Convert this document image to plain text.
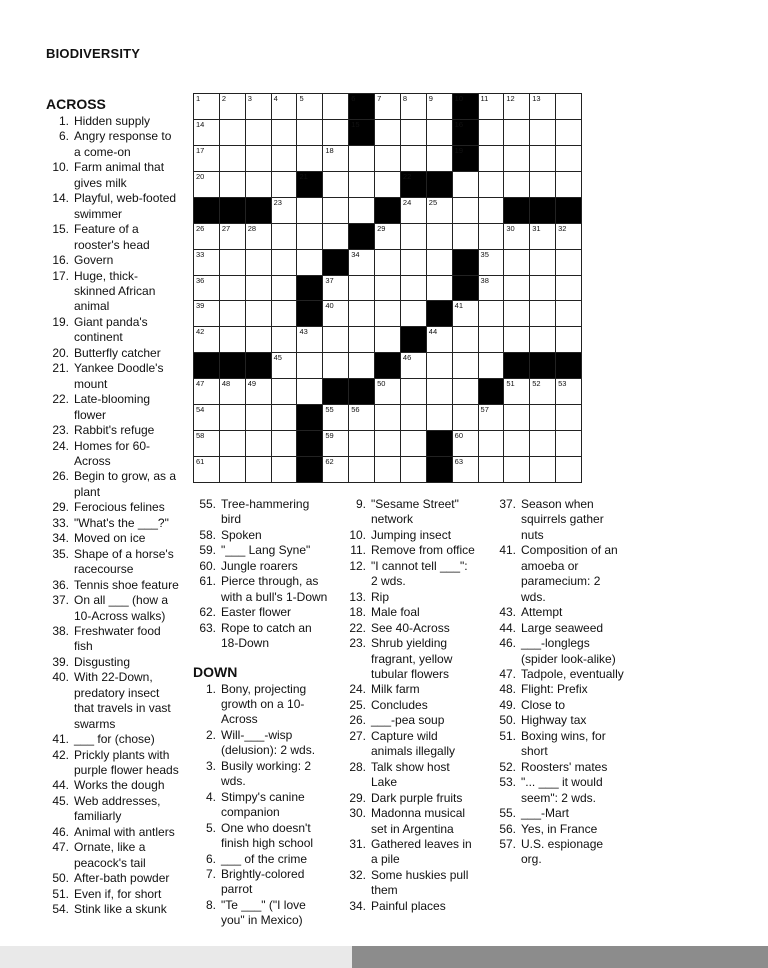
BIODIVERSITY
1	2	3	4	5	6	7	8	9	10 11 12 13
14	15	16
17	18	19
20	21	22
23	24 25
26 27 28	29	30 31 32
33	34	35
36	37	38
39	40	41
42	43	44
45	46
47 48 49	50	51 52 53
54	55 56	57
58	59	60
61	62	63
ACROSS
1. Hidden supply
6. Angry response to
a come-on
10. Farm animal that
gives milk
14. Playful, web-footed
swimmer
15. Feature of a
rooster's head
16. Govern
17. Huge, thick-
skinned African
animal
19. Giant panda's
continent
20. Butterfly catcher
21. Yankee Doodle's
mount
22. Late-blooming
flower
23. Rabbit's refuge
24. Homes for 60-
Across
26. Begin to grow, as a
plant
29. Ferocious felines
33. "What's the ___?"
34. Moved on ice
35. Shape of a horse's
racecourse
36. Tennis shoe feature
37. On all ___ (how a
10-Across walks)
38. Freshwater food
fish
39. Disgusting
40. With 22-Down,
predatory insect
that travels in vast
swarms
41. ___ for (chose)
42. Prickly plants with
purple flower heads
44. Works the dough
45. Web addresses,
familiarly
46. Animal with antlers
47. Ornate, like a
peacock's tail
50. After-bath powder
51. Even if, for short
54. Stink like a skunk
55. Tree-hammering
bird
58. Spoken
59. "___ Lang Syne"
60. Jungle roarers
61. Pierce through, as
with a bull's 1-Down
62. Easter flower
63. Rope to catch an
18-Down
DOWN
1. Bony, projecting
growth on a 10-
Across
2. Will-___-wisp
(delusion): 2 wds.
3. Busily working: 2
wds.
4. Stimpy's canine
companion
5. One who doesn't
finish high school
6. ___ of the crime
7. Brightly-colored
parrot
8. "Te ___" ("I love
you" in Mexico)
9. "Sesame Street"
network
10. Jumping insect
11. Remove from office
12. "I cannot tell ___":
2 wds.
13. Rip
18. Male foal
22. See 40-Across
23. Shrub yielding
fragrant, yellow
tubular flowers
24. Milk farm
25. Concludes
26. ___-pea soup
27. Capture wild
animals illegally
28. Talk show host
Lake
29. Dark purple fruits
30. Madonna musical
set in Argentina
31. Gathered leaves in
a pile
32. Some huskies pull
them
34. Painful places
37. Season when
squirrels gather
nuts
41. Composition of an
amoeba or
paramecium: 2
wds.
43. Attempt
44. Large seaweed
46. ___-longlegs
(spider look-alike)
47. Tadpole, eventually
48. Flight: Prefix
49. Close to
50. Highway tax
51. Boxing wins, for
short
52. Roosters' mates
53. "... ___ it would
seem": 2 wds.
55. ___-Mart
56. Yes, in France
57. U.S. espionage
org.
